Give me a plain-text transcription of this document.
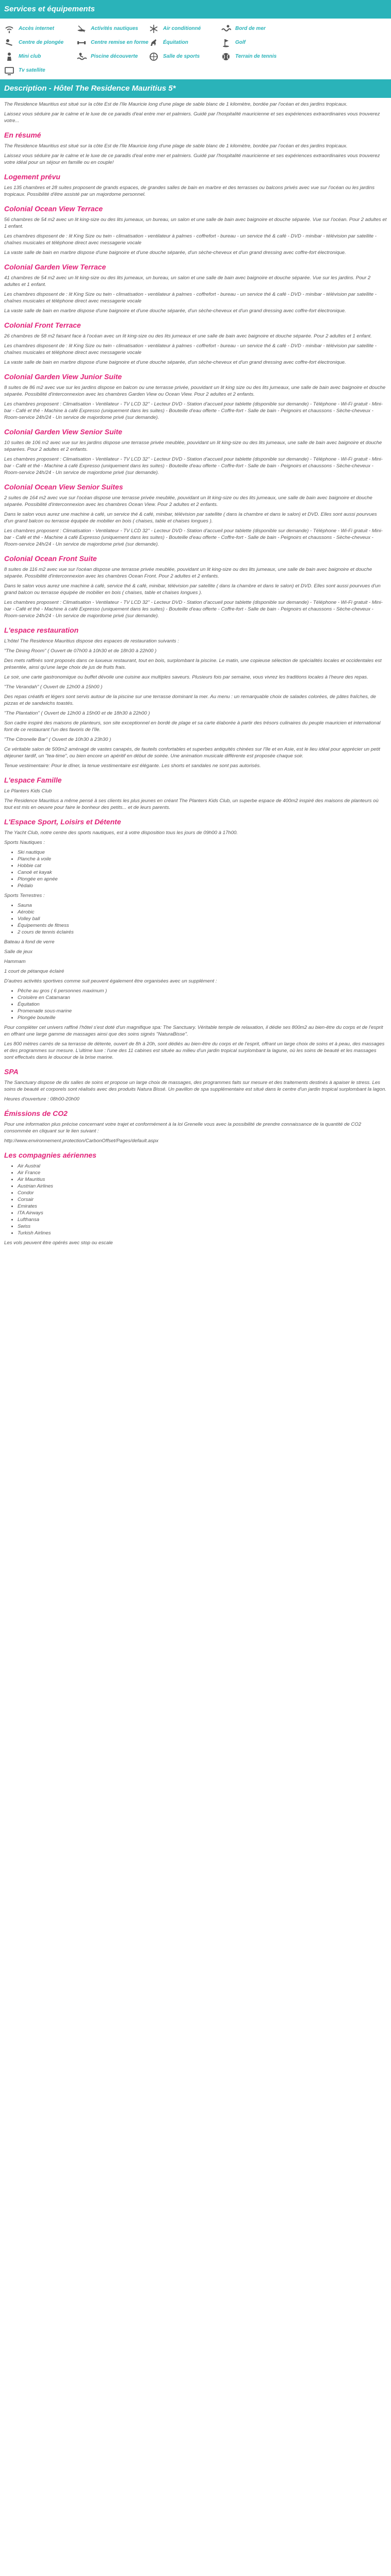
Services et équipements
Accès internet	Activités nautiques	Air conditionné	Bord de mer
Centre de plongée	Centre remise en forme	Équitation	Golf
Mini club	Piscine découverte	Salle de sports	Terrain de tennis
Tv satellite
Description - Hôtel The Residence Mauritius 5*

The Residence Mauritius est situé sur la côte Est de l'île Mauricie long d'une plage de sable blanc de 1 kilomètre, bordée par l'océan et des jardins tropicaux.

Laissez vous séduire par le calme et le luxe de ce paradis d'eal entre mer et palmiers. Guidé par l'hospitalité mauricienne et ses expériences extraordinaires vous trouverez votre...

En résumé

The Residence Mauritius est situé sur la côte Est de l'île Mauricie long d'une plage de sable blanc de 1 kilomètre, bordée par l'océan et des jardins tropicaux.

Laissez vous séduire par le calme et le luxe de ce paradis d'eal entre mer et palmiers. Guidé par l'hospitalité mauricienne et ses expériences extraordinaires vous trouverez votre idéal pour un séjour en famille ou en couple!

Logement prévu

Les 135 chambres et 28 suites proposent de grands espaces, de grandes salles de bain en marbre et des terrasses ou balcons privés avec vue sur l'océan ou les jardins tropicaux. Possibilité d'être assisté par un majordome personnel.

Colonial Ocean View Terrace

56 chambres de 54 m2 avec un lit king-size ou des lits jumeaux, un bureau, un salon et une salle de bain avec baignoire et douche séparée. Vue sur l'océan. Pour 2 adultes et 1 enfant.

Les chambres disposent de : lit King Size ou twin - climatisation - ventilateur à palmes - coffrefort - bureau - un service thé & café - DVD - minibar - télévision par satellite - chaînes musicales et téléphone direct avec messagerie vocale

La vaste salle de bain en marbre dispose d'une baignoire et d'une douche séparée, d'un sèche-cheveux et d'un grand dressing avec coffre-fort électronique.

Colonial Garden View Terrace

41 chambres de 54 m2 avec un lit king-size ou des lits jumeaux, un bureau, un salon et une salle de bain avec baignoire et douche séparée. Vue sur les jardins. Pour 2 adultes et 1 enfant.

Les chambres disposent de : lit King Size ou twin - climatisation - ventilateur à palmes - coffrefort - bureau - un service thé & café - DVD - minibar - télévision par satellite - chaînes musicales et téléphone direct avec messagerie vocale

La vaste salle de bain en marbre dispose d'une baignoire et d'une douche séparée, d'un sèche-cheveux et d'un grand dressing avec coffre-fort électronique.

Colonial Front Terrace

26 chambres de 58 m2 faisant face à l'océan avec un lit king-size ou des lits jumeaux et une salle de bain avec baignoire et douche séparée. Pour 2 adultes et 1 enfant.

Les chambres disposent de : lit King Size ou twin - climatisation - ventilateur à palmes - coffrefort - bureau - un service thé & café - DVD - minibar - télévision par satellite - chaînes musicales et téléphone direct avec messagerie vocale

La vaste salle de bain en marbre dispose d'une baignoire et d'une douche séparée, d'un sèche-cheveux et d'un grand dressing avec coffre-fort électronique.

Colonial Garden View Junior Suite

8 suites de 86 m2 avec vue sur les jardins dispose en balcon ou une terrasse privée, pouvidant un lit king size ou des lits jumeaux, une salle de bain avec baignoire et douche séparée. Possibilité d'interconnexion avec les chambres Garden View ou Ocean View. Pour 2 adultes et 2 enfants.

Les chambres proposent : Climatisation - Ventilateur - TV LCD 32" - Lecteur DVD - Station d'accueil pour tablette (disponible sur demande) - Téléphone - Wi-Fi gratuit - Mini-bar - Café et thé - Machine à café Expresso (uniquement dans les suites) - Bouteille d'eau offerte - Coffre-fort - Salle de bain - Peignoirs et chaussons - Sèche-cheveux - Room-service 24h/24 - Un service de majordome privé (sur demande).

Colonial Garden View Senior Suite

10 suites de 106 m2 avec vue sur les jardins dispose une terrasse privée meublée, pouvidant un lit king-size ou des lits jumeaux, une salle de bain avec baignoire et douche séparées. Pour 2 adultes et 2 enfants.

Les chambres proposent : Climatisation - Ventilateur - TV LCD 32" - Lecteur DVD - Station d'accueil pour tablette (disponible sur demande) - Téléphone - Wi-Fi gratuit - Mini-bar - Café et thé - Machine à café Expresso (uniquement dans les suites) - Bouteille d'eau offerte - Coffre-fort - Salle de bain - Peignoirs et chaussons - Sèche-cheveux - Room-service 24h/24 - Un service de majordome privé (sur demande).

Colonial Ocean View Senior Suites

2 suites de 164 m2 avec vue sur l'océan dispose une terrasse privée meublée, pouvidant un lit king-size ou des lits jumeaux, une salle de bain avec baignoire et douche séparée. Possibilité d'interconnexion avec les chambres Ocean View. Pour 2 adultes et 2 enfants.

Dans le salon vous aurez une machine à café, un service thé & café, minibar, télévision par satellite ( dans la chambre et dans le salon) et DVD. Elles sont aussi pourvues d'un grand balcon ou terrasse équipée de mobilier en bois ( chaises, table et chaises longues ).

Les chambres proposent : Climatisation - Ventilateur - TV LCD 32" - Lecteur DVD - Station d'accueil pour tablette (disponible sur demande) - Téléphone - Wi-Fi gratuit - Mini-bar - Café et thé - Machine à café Expresso (uniquement dans les suites) - Bouteille d'eau offerte - Coffre-fort - Salle de bain - Peignoirs et chaussons - Sèche-cheveux - Room-service 24h/24 - Un service de majordome privé (sur demande).

Colonial Ocean Front Suite

8 suites de 116 m2 avec vue sur l'océan dispose une terrasse privée meublée, pouvidant un lit king-size ou des lits jumeaux, une salle de bain avec baignoire et douche séparée. Possibilité d'interconnexion avec les chambres Ocean Front. Pour 2 adultes et 2 enfants.

Dans le salon vous aurez une machine à café, service thé & café, minibar, télévision par satellite ( dans la chambre et dans le salon) et DVD. Elles sont aussi pourvues d'un grand balcon ou terrasse équipée de mobilier en bois ( chaises, table et chaises longues ).

Les chambres proposent : Climatisation - Ventilateur - TV LCD 32" - Lecteur DVD - Station d'accueil pour tablette (disponible sur demande) - Téléphone - Wi-Fi gratuit - Mini-bar - Café et thé - Machine à café Expresso (uniquement dans les suites) - Bouteille d'eau offerte - Coffre-fort - Salle de bain - Peignoirs et chaussons - Sèche-cheveux - Room-service 24h/24 - Un service de majordome privé (sur demande).

L'espace restauration

L'hôtel The Residence Mauritius dispose des espaces de restauration suivants :

"The Dining Room" ( Ouvert de 07h00 à 10h30 et de 18h30 à 22h00 )

Des mets raffinés sont proposés dans ce luxueux restaurant, tout en bois, surplombant la piscine. Le matin, une copieuse sélection de spécialités locales et occidentales est présentée, ainsi qu'une large choix de jus de fruits frais.

Le soir, une carte gastronomique ou buffet dévoile une cuisine aux multiples saveurs. Plusieurs fois par semaine, vous vivrez les traditions locales à l'heure des repas.

"The Verandah" ( Ouvert de 12h00 à 15h00 )

Des repas créatifs et légers sont servis autour de la piscine sur une terrasse dominant la mer. Au menu : un remarquable choix de salades colorées, de pâtes fraîches, de pizzas et de sandwichs toastés.

"The Plantation" ( Ouvert de 12h00 à 15h00 et de 18h30 à 22h00 )

Son cadre inspiré des maisons de planteurs, son site exceptionnel en bordé de plage et sa carte élaborée à partir des trésors culinaires du peuple mauricien et international font de ce restaurant l'un des favoris de l'île.

"The Citronelle Bar" ( Ouvert de 10h30 à 23h30 )

Ce véritable salon de 500m2 aménagé de vastes canapés, de fauteils confortables et superbes antiquités chinées sur l'île et en Asie, est le lieu idéal pour apprécier un petit déjeuner tardif, un "tea-time", ou bien encore un apéritif en début de soirée. Une animation musicale différente est proposée chaque soir.

Tenue vestimentaire: Pour le dîner, la tenue vestimentaire est élégante. Les shorts et sandales ne sont pas autorisés.

L'espace Famille

Le Planters Kids Club

The Residence Mauritius a même pensé à ses clients les plus jeunes en créant The Planters Kids Club, un superbe espace de 400m2 inspiré des maisons de planteurs où tout est mis en oeuvre pour faire le bonheur des petits... et de leurs parents.

L'Espace Sport, Loisirs et Détente

The Yacht Club, notre centre des sports nautiques, est à votre disposition tous les jours de 09h00 à 17h00.

Sports Nautiques :

• Ski nautique
• Planche à voile
• Hobbie cat
• Canoë et kayak
• Plongée en apnée
• Pédalo

Sports Terrestres :

• Sauna
• Aérobic
• Volley ball
• Équipements de fitness
• 2 cours de tennis éclairés

Bateau à fond de verre

Salle de jeux

Hammam

1 court de pétanque éclairé

D'autres activités sportives comme suit peuvent également être organisées avec un supplément :

• Pêche au gros ( 6 personnes maximum )
• Croisière en Catamaran
• Équitation
• Promenade sous-marine
• Plongée bouteille

Pour compléter cet univers raffiné l'hôtel s'est doté d'un magnifique spa: The Sanctuary. Véritable temple de relaxation, il dédie ses 800m2 au bien-être du corps et de l'esprit en offrant une large gamme de massages ainsi que des soins signés "NaturaBisse".

Les 800 mètres carrés de sa terrasse de détente, ouvert de 8h à 20h, sont dédiés au bien-être du corps et de l'esprit, offrant un large choix de soins et à peau, des massages et des programmes sur mesure. L'ultime luxe : l'une des 11 cabines est située au milieu d'un jardin tropical surplombant la lagune, où les soins de beauté et les massages sont effectués dans le douceur de la brise marine.

SPA

The Sanctuary dispose de dix salles de soins et propose un large choix de massages, des programmes faits sur mesure et des traitements destinés à apaiser le stress. Les soins de beauté et corporels sont réalisés avec des produits Natura Bissé. Un pavillon de spa supplémentaire est situé dans le centre d'un jardin tropical surplombant la lagon.

Heures d'ouverture : 08h00-20h00

Émissions de CO2

Pour une information plus précise concernant votre trajet et conformément à la loi Grenelle vous avec la possibilité de prendre connaissance de la quantité de CO2 consommée en cliquant sur le lien suivant :

http://www.environnement.protection/CarbonOffset/Pages/default.aspx

Les compagnies aériennes
• Air Austral
• Air France
• Air Mauritius
• Austrian Airlines
• Condor
• Corsair
• Emirates
• ITA Airways
• Lufthansa
• Swiss
• Turkish Airlines

Les vols peuvent être opérés avec stop ou escale
